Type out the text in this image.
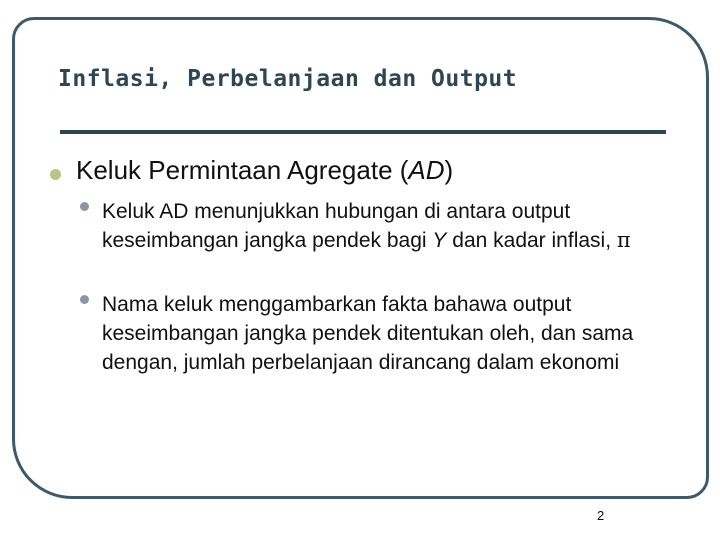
Inflasi, Perbelanjaan dan Output
Keluk Permintaan Agregate (AD)
Keluk AD menunjukkan hubungan di antara output keseimbangan jangka pendek bagi Y dan kadar inflasi, π
Nama keluk menggambarkan fakta bahawa output keseimbangan jangka pendek ditentukan oleh, dan sama dengan, jumlah perbelanjaan dirancang dalam ekonomi
2
